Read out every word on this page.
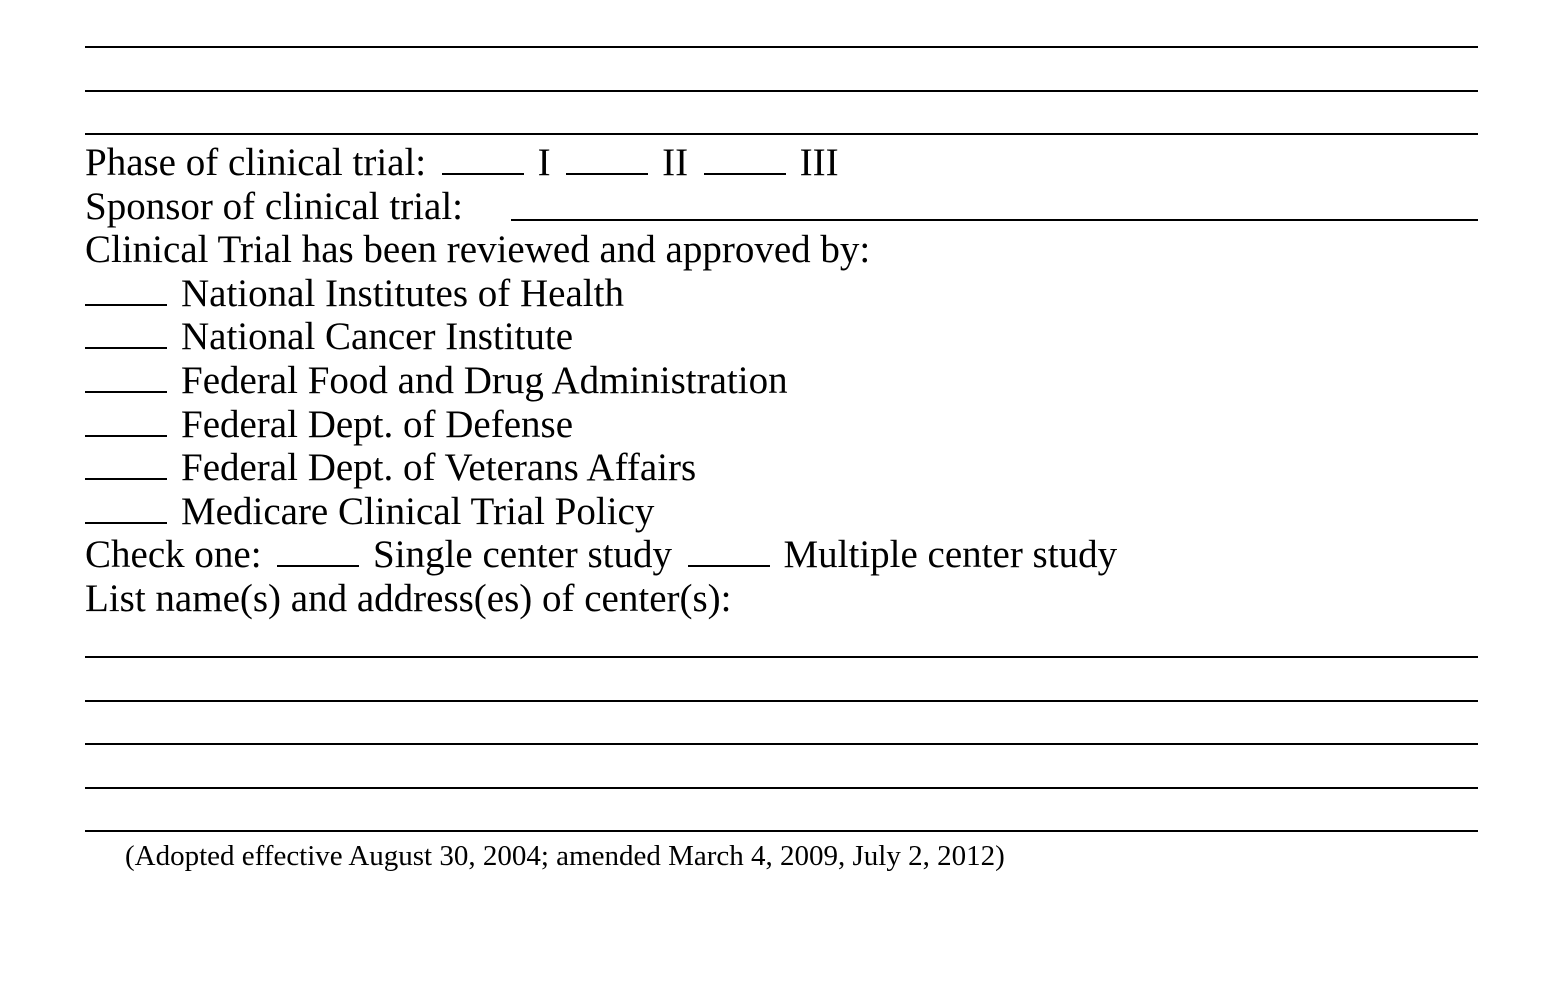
Phase of clinical trial:	I	II	III
Sponsor of clinical trial:
Clinical Trial has been reviewed and approved by:
National Institutes of Health
National Cancer Institute
Federal Food and Drug Administration
Federal Dept. of Defense
Federal Dept. of Veterans Affairs
Medicare Clinical Trial Policy
Check one:	Single center study	Multiple center study
List name(s) and address(es) of center(s):
(Adopted effective August 30, 2004; amended March 4, 2009, July 2, 2012)
